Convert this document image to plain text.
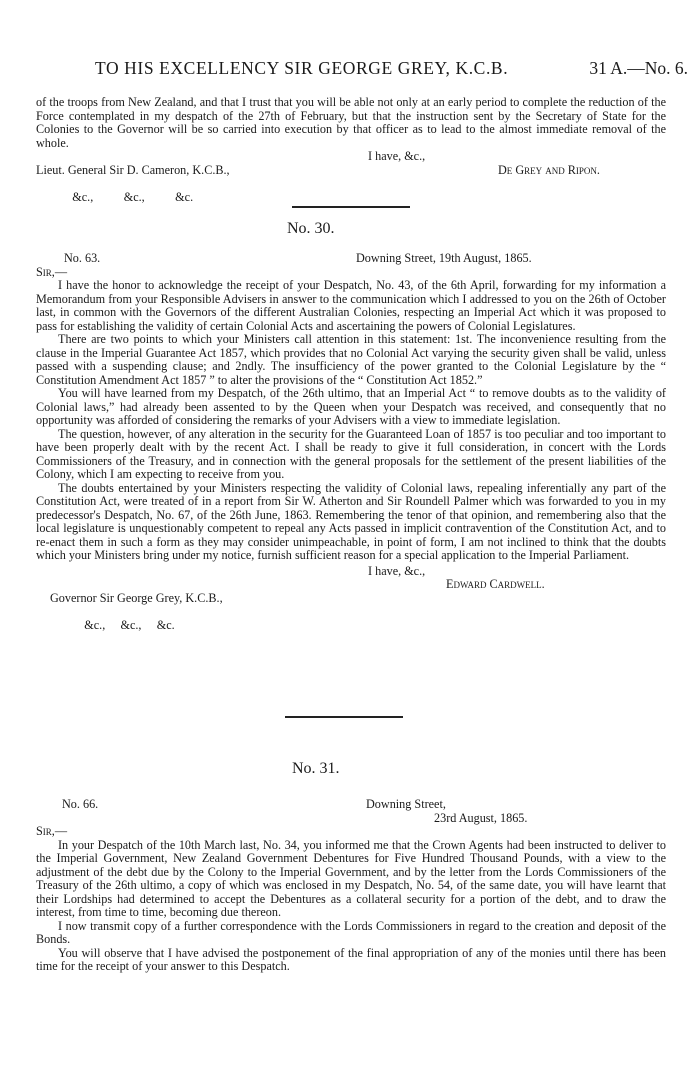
TO HIS EXCELLENCY SIR GEORGE GREY, K.C.B.	31 A.—No. 6.

of the troops from New Zealand, and that I trust that you will be able not only at an early period to complete the reduction of the Force contemplated in my despatch of the 27th of February, but that the instruction sent by the Secretary of State for the Colonies to the Governor will be so carried into execution by that officer as to lead to the almost immediate removal of the whole.

I have, &c.,
Lieut. General Sir D. Cameron, K.C.B.,	De Grey and Ripon.

&c.,          &c.,          &c.

No. 30.
No. 63.	Downing Street, 19th August, 1865.
Sir,—

I have the honor to acknowledge the receipt of your Despatch, No. 43, of the 6th April, forwarding for my information a Memorandum from your Responsible Advisers in answer to the communication which I addressed to you on the 26th of October last, in common with the Governors of the different Australian Colonies, respecting an Imperial Act which it was proposed to pass for establishing the validity of certain Colonial Acts and ascertaining the powers of Colonial Legislatures.

There are two points to which your Ministers call attention in this statement: 1st. The inconvenience resulting from the clause in the Imperial Guarantee Act 1857, which provides that no Colonial Act varying the security given shall be valid, unless passed with a suspending clause; and 2ndly. The insufficiency of the power granted to the Colonial Legislature by the “ Constitution Amendment Act 1857 ” to alter the provisions of the “ Constitution Act 1852.”

You will have learned from my Despatch, of the 26th ultimo, that an Imperial Act “ to remove doubts as to the validity of Colonial laws,” had already been assented to by the Queen when your Despatch was received, and consequently that no opportunity was afforded of considering the remarks of your Advisers with a view to immediate legislation.

The question, however, of any alteration in the security for the Guaranteed Loan of 1857 is too peculiar and too important to have been properly dealt with by the recent Act. I shall be ready to give it full consideration, in concert with the Lords Commissioners of the Treasury, and in connection with the general proposals for the settlement of the present liabilities of the Colony, which I am expecting to receive from you.

The doubts entertained by your Ministers respecting the validity of Colonial laws, repealing inferentially any part of the Constitution Act, were treated of in a report from Sir W. Atherton and Sir Roundell Palmer which was forwarded to you in my predecessor's Despatch, No. 67, of the 26th June, 1863. Remembering the tenor of that opinion, and remembering also that the local legislature is unquestionably competent to repeal any Acts passed in implicit contravention of the Constitution Act, and to re-enact them in such a form as they may consider unimpeachable, in point of form, I am not inclined to think that the doubts which your Ministers bring under my notice, furnish sufficient reason for a special application to the Imperial Parliament.

I have, &c.,
Edward Cardwell.
Governor Sir George Grey, K.C.B.,

&c.,     &c.,     &c.

No. 31.
No. 66.	Downing Street,
23rd August, 1865.
Sir,—

In your Despatch of the 10th March last, No. 34, you informed me that the Crown Agents had been instructed to deliver to the Imperial Government, New Zealand Government Debentures for Five Hundred Thousand Pounds, with a view to the adjustment of the debt due by the Colony to the Imperial Government, and by the letter from the Lords Commissioners of the Treasury of the 26th ultimo, a copy of which was enclosed in my Despatch, No. 54, of the same date, you will have learnt that their Lordships had determined to accept the Debentures as a collateral security for a portion of the debt, and to draw the interest, from time to time, becoming due thereon.

I now transmit copy of a further correspondence with the Lords Commissioners in regard to the creation and deposit of the Bonds.

You will observe that I have advised the postponement of the final appropriation of any of the monies until there has been time for the receipt of your answer to this Despatch.
